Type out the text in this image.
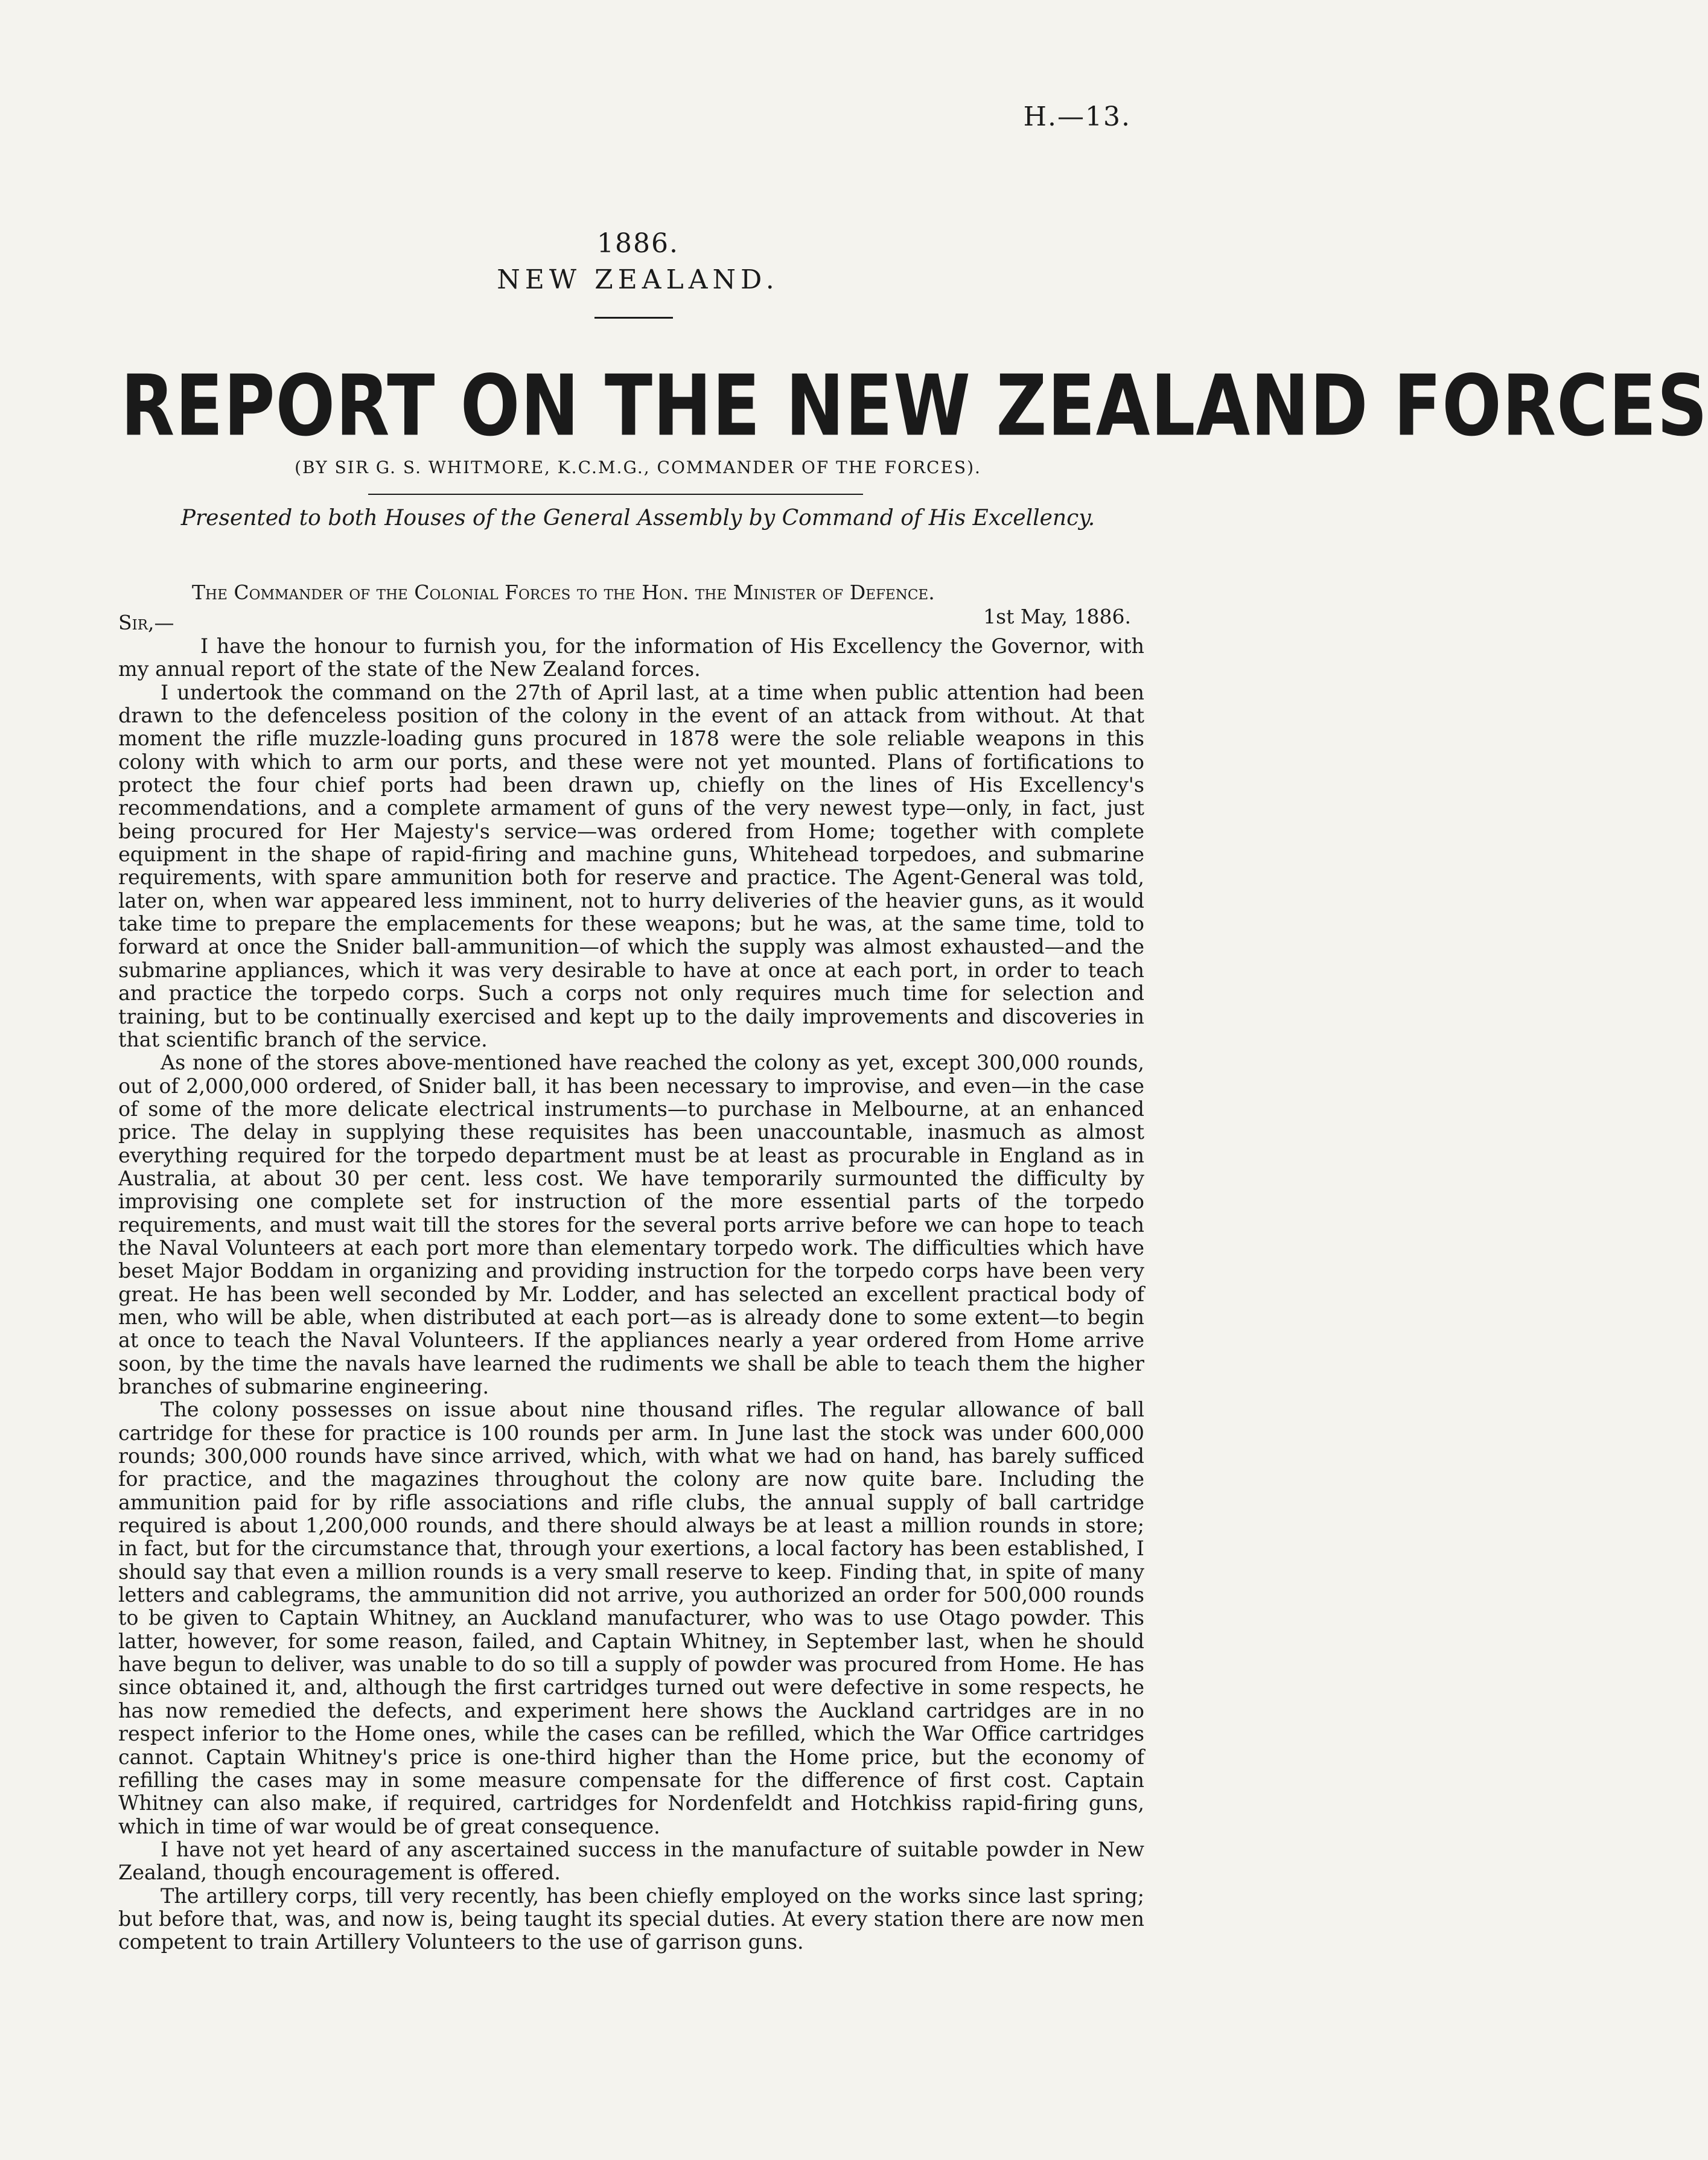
H.—13.
1886.
NEW ZEALAND.
REPORT ON THE NEW ZEALAND FORCES
(BY SIR G. S. WHITMORE, K.C.M.G., COMMANDER OF THE FORCES).
Presented to both Houses of the General Assembly by Command of His Excellency.
The Commander of the Colonial Forces to the Hon. the Minister of Defence.
Sir,—	1st May, 1886.

I have the honour to furnish you, for the information of His Excellency the Governor, with my annual report of the state of the New Zealand forces.

I undertook the command on the 27th of April last, at a time when public attention had been drawn to the defenceless position of the colony in the event of an attack from without. At that moment the rifle muzzle-loading guns procured in 1878 were the sole reliable weapons in this colony with which to arm our ports, and these were not yet mounted. Plans of fortifications to protect the four chief ports had been drawn up, chiefly on the lines of His Excellency's recommendations, and a complete armament of guns of the very newest type—only, in fact, just being procured for Her Majesty's service—was ordered from Home; together with complete equipment in the shape of rapid-firing and machine guns, Whitehead torpedoes, and submarine requirements, with spare ammunition both for reserve and practice. The Agent-General was told, later on, when war appeared less imminent, not to hurry deliveries of the heavier guns, as it would take time to prepare the emplacements for these weapons; but he was, at the same time, told to forward at once the Snider ball-ammunition—of which the supply was almost exhausted—and the submarine appliances, which it was very desirable to have at once at each port, in order to teach and practice the torpedo corps. Such a corps not only requires much time for selection and training, but to be continually exercised and kept up to the daily improvements and discoveries in that scientific branch of the service.

As none of the stores above-mentioned have reached the colony as yet, except 300,000 rounds, out of 2,000,000 ordered, of Snider ball, it has been necessary to improvise, and even—in the case of some of the more delicate electrical instruments—to purchase in Melbourne, at an enhanced price. The delay in supplying these requisites has been unaccountable, inasmuch as almost everything required for the torpedo department must be at least as procurable in England as in Australia, at about 30 per cent. less cost. We have temporarily surmounted the difficulty by improvising one complete set for instruction of the more essential parts of the torpedo requirements, and must wait till the stores for the several ports arrive before we can hope to teach the Naval Volunteers at each port more than elementary torpedo work. The difficulties which have beset Major Boddam in organizing and providing instruction for the torpedo corps have been very great. He has been well seconded by Mr. Lodder, and has selected an excellent practical body of men, who will be able, when distributed at each port—as is already done to some extent—to begin at once to teach the Naval Volunteers. If the appliances nearly a year ordered from Home arrive soon, by the time the navals have learned the rudiments we shall be able to teach them the higher branches of submarine engineering.

The colony possesses on issue about nine thousand rifles. The regular allowance of ball cartridge for these for practice is 100 rounds per arm. In June last the stock was under 600,000 rounds; 300,000 rounds have since arrived, which, with what we had on hand, has barely sufficed for practice, and the magazines throughout the colony are now quite bare. Including the ammunition paid for by rifle associations and rifle clubs, the annual supply of ball cartridge required is about 1,200,000 rounds, and there should always be at least a million rounds in store; in fact, but for the circumstance that, through your exertions, a local factory has been established, I should say that even a million rounds is a very small reserve to keep. Finding that, in spite of many letters and cablegrams, the ammunition did not arrive, you authorized an order for 500,000 rounds to be given to Captain Whitney, an Auckland manufacturer, who was to use Otago powder. This latter, however, for some reason, failed, and Captain Whitney, in September last, when he should have begun to deliver, was unable to do so till a supply of powder was procured from Home. He has since obtained it, and, although the first cartridges turned out were defective in some respects, he has now remedied the defects, and experiment here shows the Auckland cartridges are in no respect inferior to the Home ones, while the cases can be refilled, which the War Office cartridges cannot. Captain Whitney's price is one-third higher than the Home price, but the economy of refilling the cases may in some measure compensate for the difference of first cost. Captain Whitney can also make, if required, cartridges for Nordenfeldt and Hotchkiss rapid-firing guns, which in time of war would be of great consequence.

I have not yet heard of any ascertained success in the manufacture of suitable powder in New Zealand, though encouragement is offered.

The artillery corps, till very recently, has been chiefly employed on the works since last spring; but before that, was, and now is, being taught its special duties. At every station there are now men competent to train Artillery Volunteers to the use of garrison guns.
